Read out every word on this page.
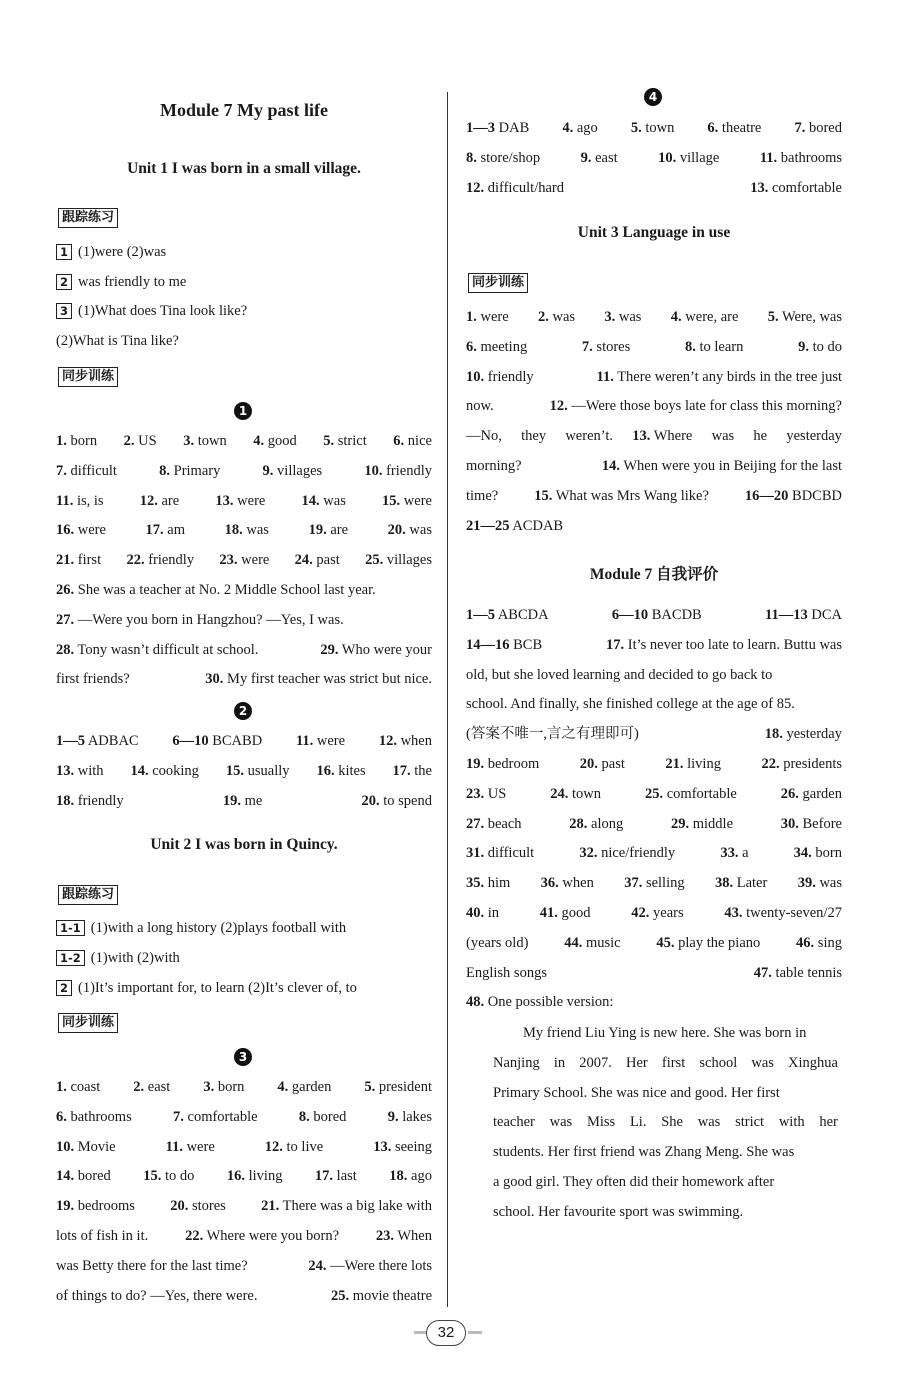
Module 7 My past life
Unit 1 I was born in a small village.
跟踪练习
1 (1)were (2)was
2 was friendly to me
3 (1)What does Tina look like?
(2)What is Tina like?
同步训练
1
1. born 2. US 3. town 4. good 5. strict 6. nice
7. difficult	8. Primary	9. villages	10. friendly
11. is, is 12. are 13. were 14. was 15. were
16. were	17. am	18. was	19. are	20. was
21. first 22. friendly 23. were 24. past 25. villages
26. She was a teacher at No. 2 Middle School last year.
27. —Were you born in Hangzhou? —Yes, I was.
28. Tony wasn’t difficult at school.	29. Who were your
first friends?	30. My first teacher was strict but nice.
2
1—5 ADBAC 6—10 BCABD 11. were 12. when
13. with 14. cooking 15. usually 16. kites 17. the
18. friendly	19. me	20. to spend
Unit 2 I was born in Quincy.
跟踪练习
1-1 (1)with a long history (2)plays football with
1-2 (1)with (2)with
2 (1)It’s important for, to learn (2)It’s clever of, to
同步训练
3
1. coast 2. east 3. born 4. garden 5. president
6. bathrooms	7. comfortable	8. bored	9. lakes
10. Movie	11. were	12. to live	13. seeing
14. bored 15. to do 16. living 17. last 18. ago
19. bedrooms 20. stores 21. There was a big lake with
lots of fish in it.	22. Where were you born?	23. When
was Betty there for the last time?	24. —Were there lots
of things to do? —Yes, there were.	25. movie theatre
4
1—3 DAB 4. ago 5. town 6. theatre 7. bored
8. store/shop	9. east	10. village	11. bathrooms
12. difficult/hard	13. comfortable
Unit 3 Language in use
同步训练
1. were 2. was 3. was 4. were, are 5. Were, was
6. meeting	7. stores	8. to learn	9. to do
10. friendly	11. There weren’t any birds in the tree just
now.	12. —Were those boys late for class this morning?
—No, they weren’t. 13. Where was he yesterday
morning?	14. When were you in Beijing for the last
time? 15. What was Mrs Wang like? 16—20 BDCBD
21—25 ACDAB
Module 7 自我评价
1—5 ABCDA	6—10 BACDB	11—13 DCA
14—16 BCB	17. It’s never too late to learn. Buttu was
old, but she loved learning and decided to go back to
school. And finally, she finished college at the age of 85.
(答案不唯一,言之有理即可)	18. yesterday
19. bedroom	20. past	21. living	22. presidents
23. US	24. town	25. comfortable	26. garden
27. beach	28. along	29. middle	30. Before
31. difficult	32. nice/friendly	33. a	34. born
35. him 36. when 37. selling 38. Later 39. was
40. in	41. good	42. years	43. twenty-seven/27
(years old) 44. music 45. play the piano 46. sing
English songs	47. table tennis
48. One possible version:
My friend Liu Ying is new here. She was born in
Nanjing in 2007. Her first school was Xinghua
Primary School. She was nice and good. Her first
teacher was Miss Li. She was strict with her
students. Her first friend was Zhang Meng. She was
a good girl. They often did their homework after
school. Her favourite sport was swimming.
32
